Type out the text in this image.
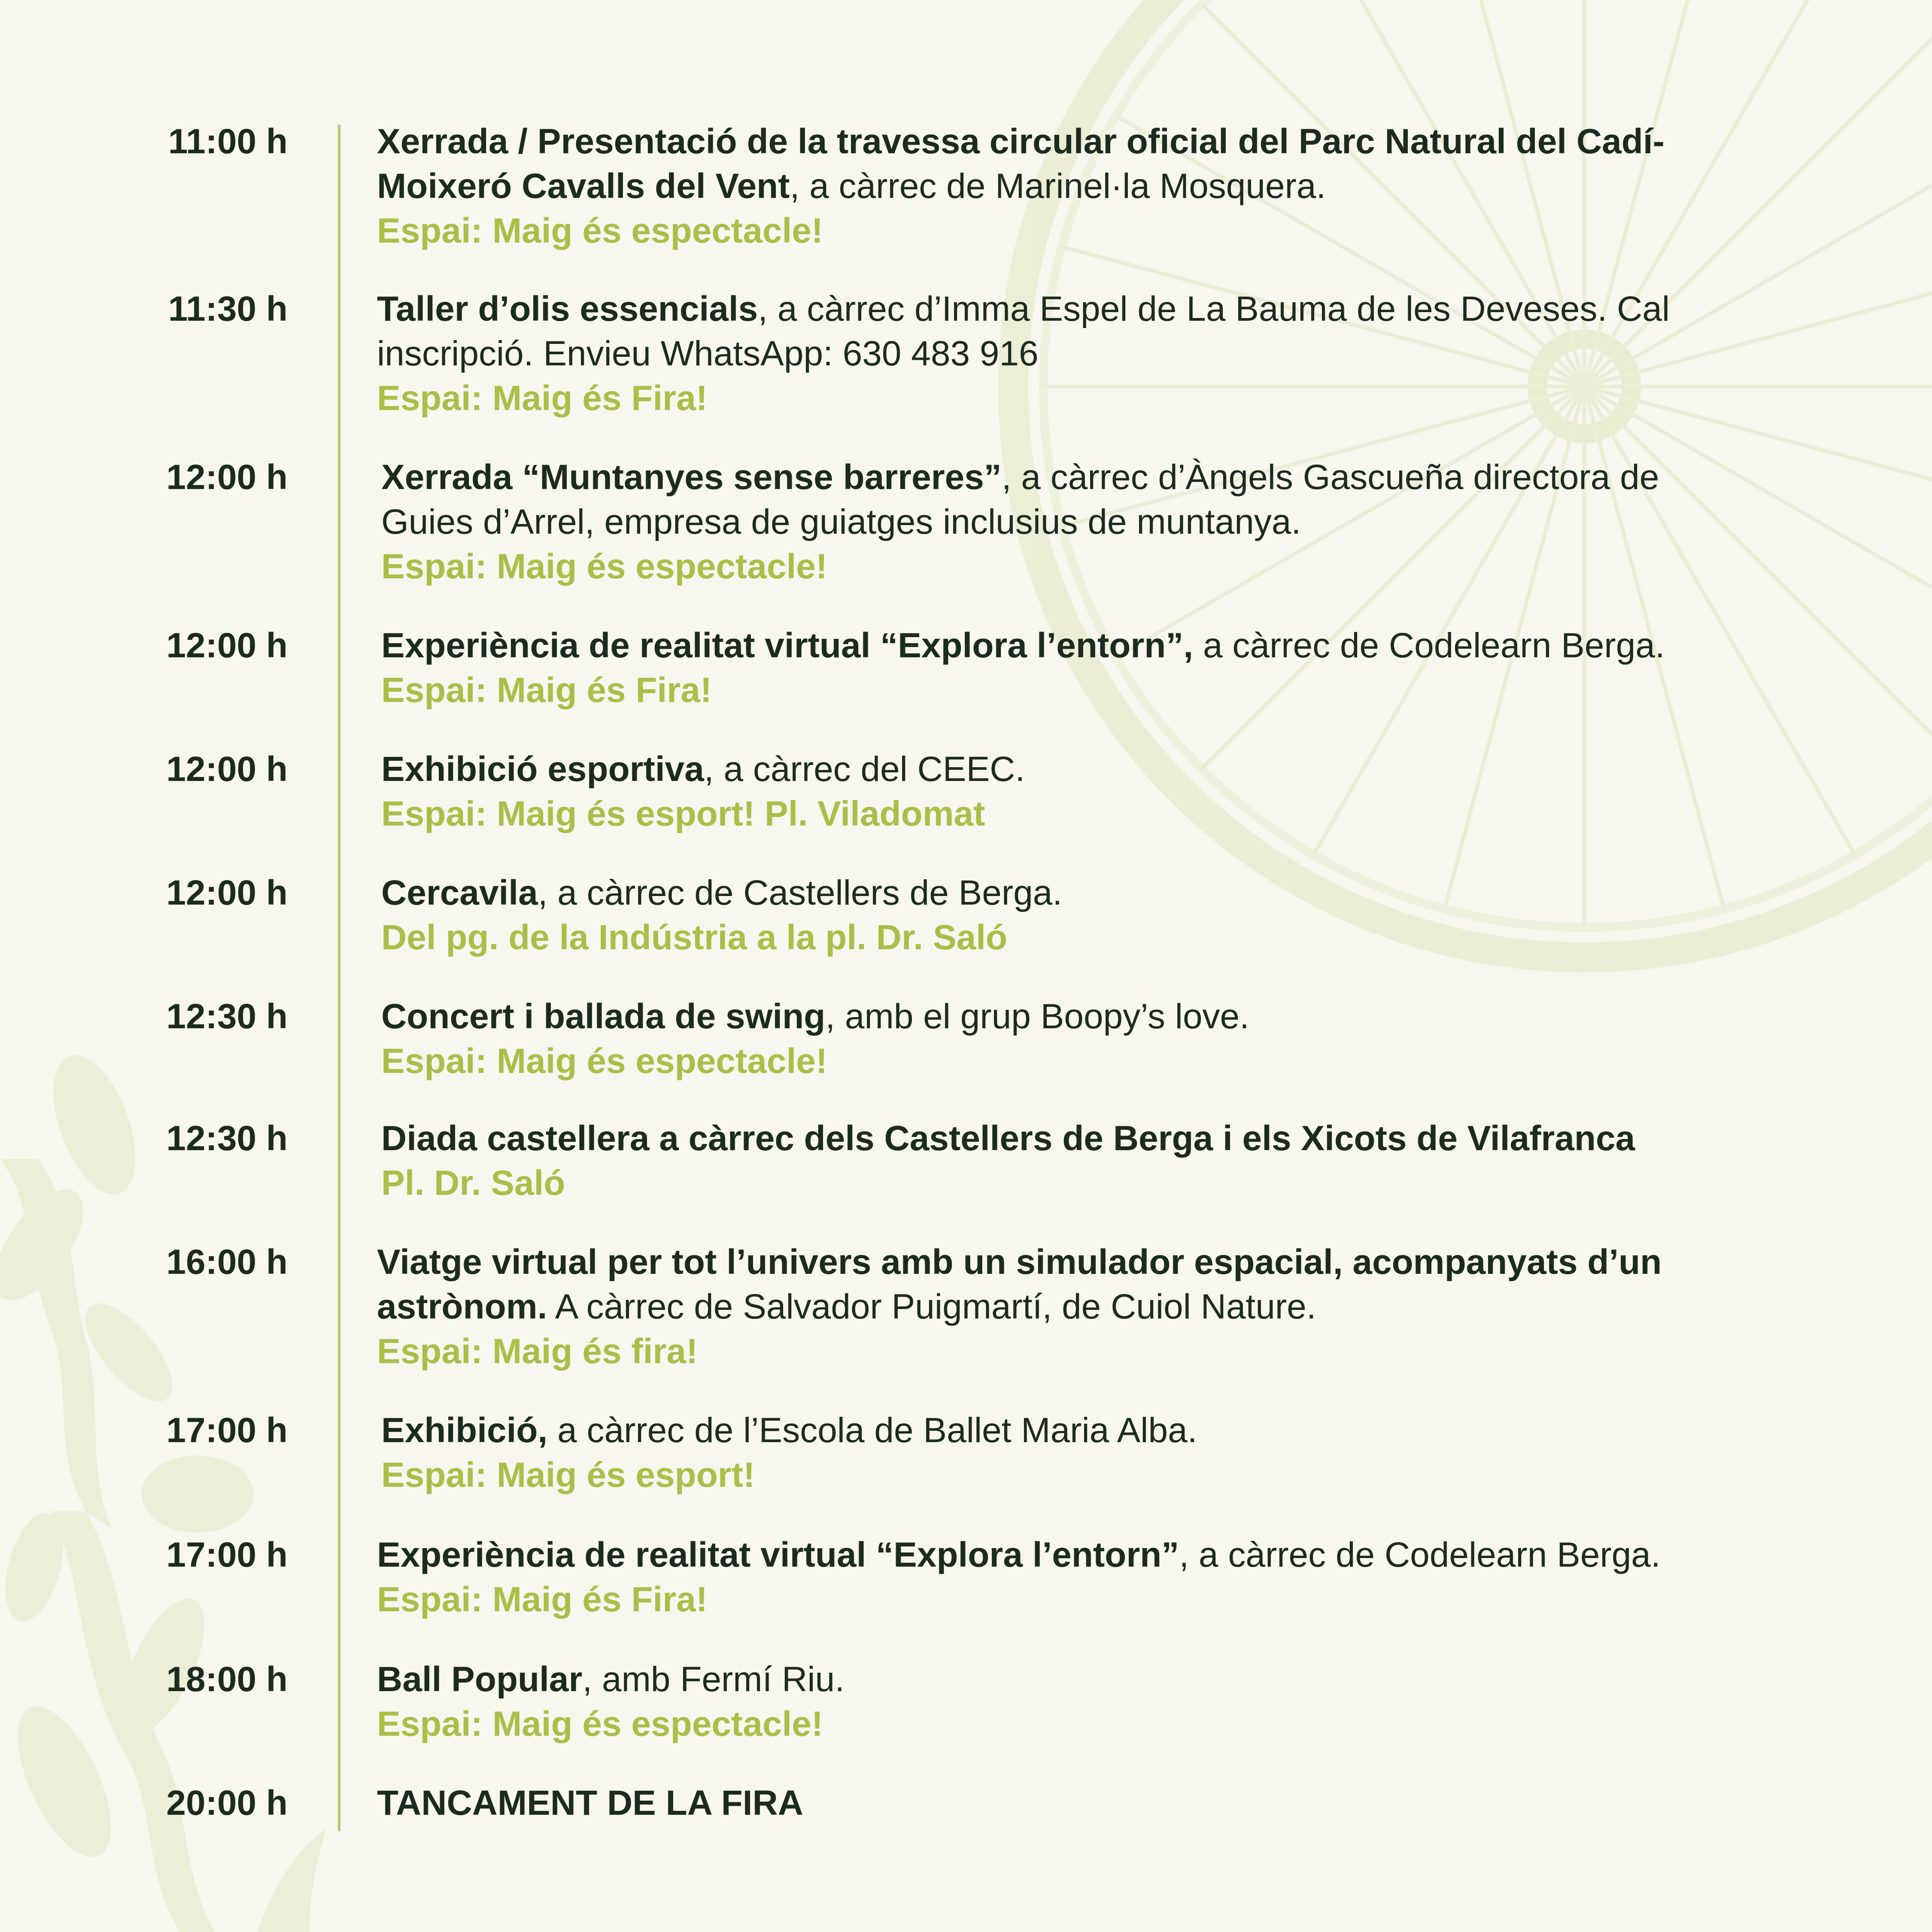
11:00 h	Xerrada / Presentació de la travessa circular oficial del Parc Natural del Cadí-Moixeró Cavalls del Vent, a càrrec de Marinel·la Mosquera.
Espai: Maig és espectacle!
11:30 h	Taller d’olis essencials, a càrrec d’Imma Espel de La Bauma de les Deveses. Cal inscripció. Envieu WhatsApp: 630 483 916
Espai: Maig és Fira!
12:00 h	Xerrada “Muntanyes sense barreres”, a càrrec d’Àngels Gascueña directora de Guies d’Arrel, empresa de guiatges inclusius de muntanya.
Espai: Maig és espectacle!
12:00 h	Experiència de realitat virtual “Explora l’entorn”, a càrrec de Codelearn Berga.
Espai: Maig és Fira!
12:00 h	Exhibició esportiva, a càrrec del CEEC.
Espai: Maig és esport! Pl. Viladomat
12:00 h	Cercavila, a càrrec de Castellers de Berga.
Del pg. de la Indústria a la pl. Dr. Saló
12:30 h	Concert i ballada de swing, amb el grup Boopy’s love.
Espai: Maig és espectacle!
12:30 h	Diada castellera a càrrec dels Castellers de Berga i els Xicots de Vilafranca
Pl. Dr. Saló
16:00 h	Viatge virtual per tot l’univers amb un simulador espacial, acompanyats d’un astrònom. A càrrec de Salvador Puigmartí, de Cuiol Nature.
Espai: Maig és fira!
17:00 h	Exhibició, a càrrec de l’Escola de Ballet Maria Alba.
Espai: Maig és esport!
17:00 h	Experiència de realitat virtual “Explora l’entorn”, a càrrec de Codelearn Berga.
Espai: Maig és Fira!
18:00 h	Ball Popular, amb Fermí Riu.
Espai: Maig és espectacle!
20:00 h	TANCAMENT DE LA FIRA
